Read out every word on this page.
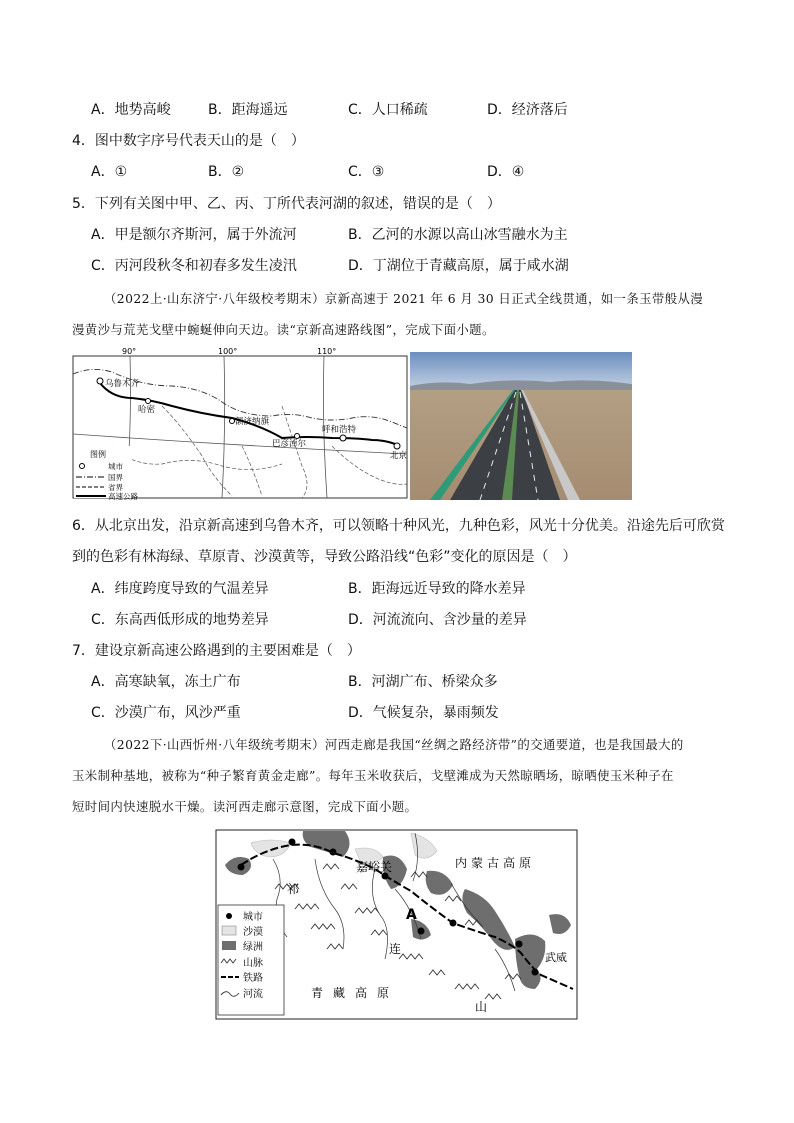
A．地势高峻	B．距海遥远	C．人口稀疏	D．经济落后
4．图中数字序号代表天山的是（　）
A．①	B．②	C．③	D．④
5．下列有关图中甲、乙、丙、丁所代表河湖的叙述，错误的是（　）
A．甲是额尔齐斯河，属于外流河	B．乙河的水源以高山冰雪融水为主
C．丙河段秋冬和初春多发生凌汛	D．丁湖位于青藏高原，属于咸水湖
（2022上·山东济宁·八年级校考期末）京新高速于 2021 年 6 月 30 日正式全线贯通，如一条玉带般从漫
漫黄沙与荒芜戈壁中蜿蜒伸向天边。读“京新高速路线图”，完成下面小题。
90°	100°	110°
乌鲁木齐
哈密
额济纳旗
巴彦淖尔
呼和浩特
北京
图例
城市
国界
省界
高速公路
6．从北京出发，沿京新高速到乌鲁木齐，可以领略十种风光，九种色彩，风光十分优美。沿途先后可欣赏
到的色彩有林海绿、草原青、沙漠黄等，导致公路沿线“色彩”变化的原因是（　）
A．纬度跨度导致的气温差异	B．距海远近导致的降水差异
C．东高西低形成的地势差异	D．河流流向、含沙量的差异
7．建设京新高速公路遇到的主要困难是（　）
A．高寒缺氧，冻土广布	B．河湖广布、桥梁众多
C．沙漠广布，风沙严重	D．气候复杂，暴雨频发
（2022下·山西忻州·八年级统考期末）河西走廊是我国“丝绸之路经济带”的交通要道，也是我国最大的
玉米制种基地，被称为“种子繁育黄金走廊”。每年玉米收获后，戈壁滩成为天然晾晒场，晾晒使玉米种子在
短时间内快速脱水干燥。读河西走廊示意图，完成下面小题。
嘉峪关	内蒙古高原
A
祁
连
山
武威
青藏高原
城市
沙漠
绿洲
山脉
铁路
河流
